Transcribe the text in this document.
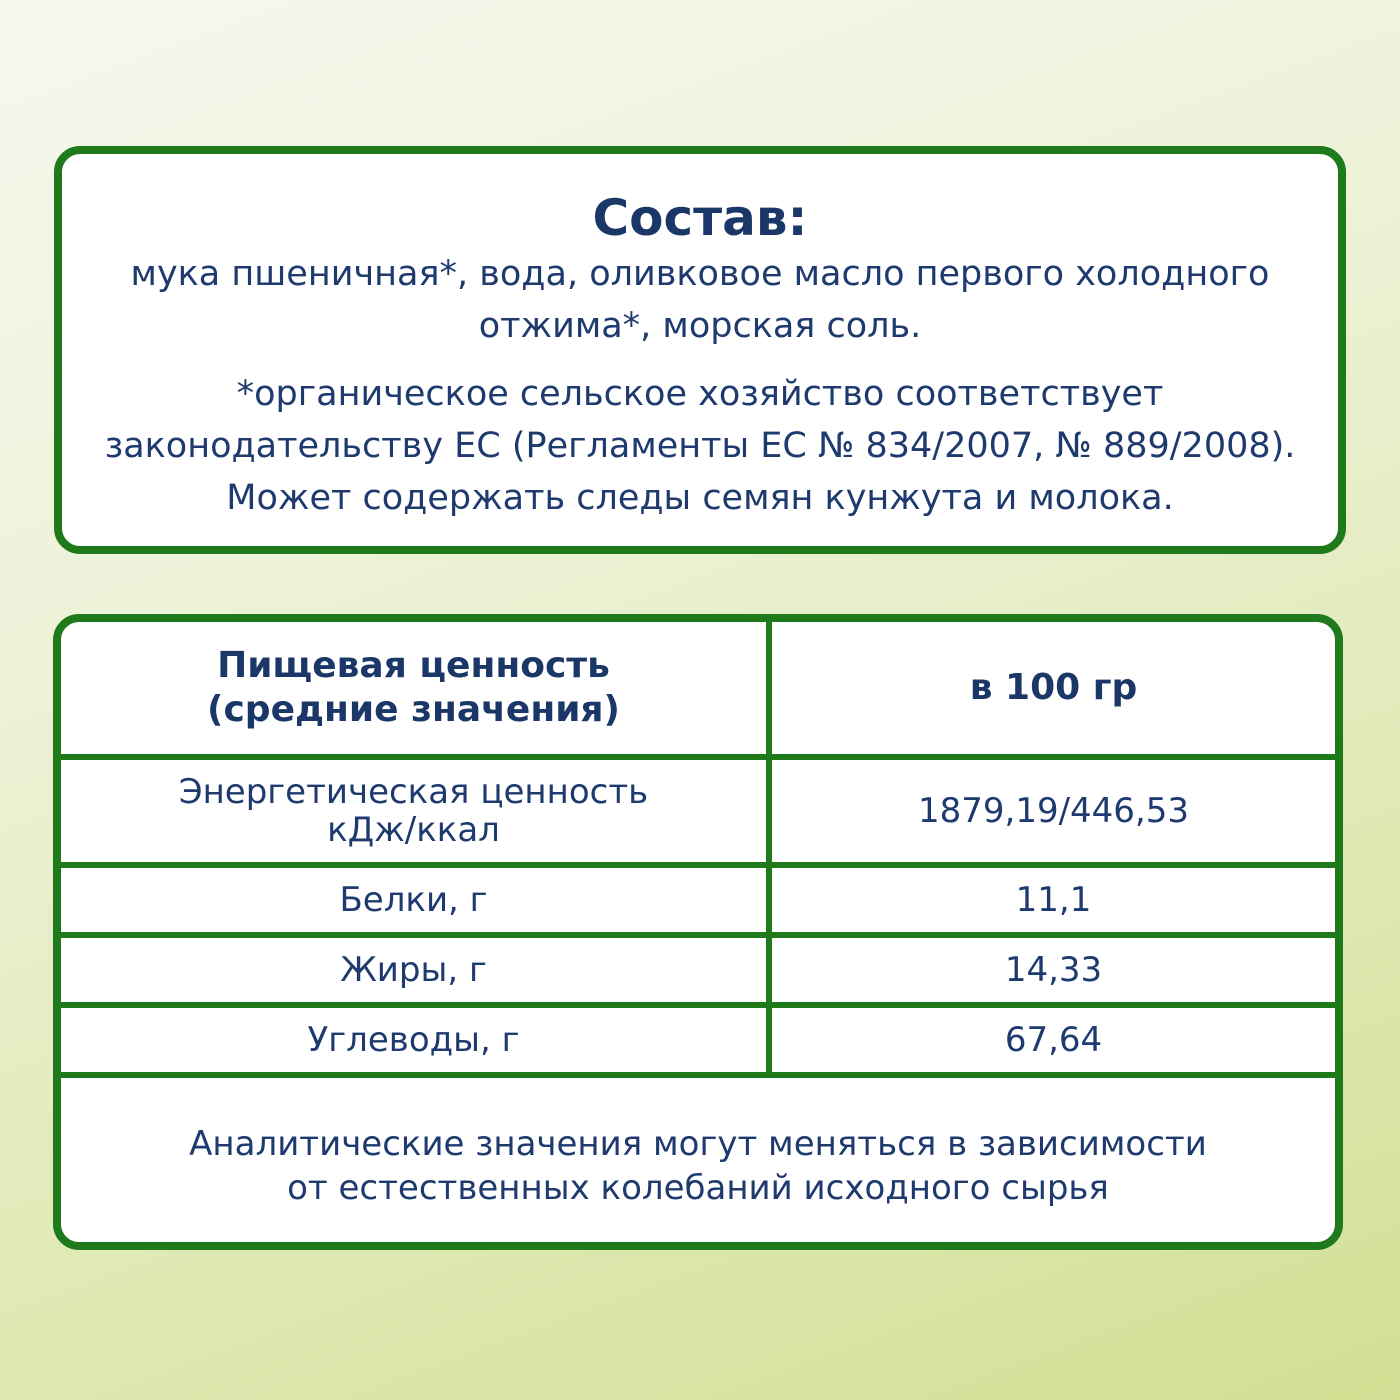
Состав:
мука пшеничная*, вода, оливковое масло первого холодного
отжима*, морская соль.
*органическое сельское хозяйство соответствует
законодательству ЕС (Регламенты ЕС № 834/2007, № 889/2008).
Может содержать следы семян кунжута и молока.
Пищевая ценность
(средние значения)	в 100 гр

Энергетическая ценность
кДж/ккал	1879,19/446,53
Белки, г	11,1
Жиры, г	14,33
Углеводы, г	67,64
Аналитические значения могут меняться в зависимости
от естественных колебаний исходного сырья
